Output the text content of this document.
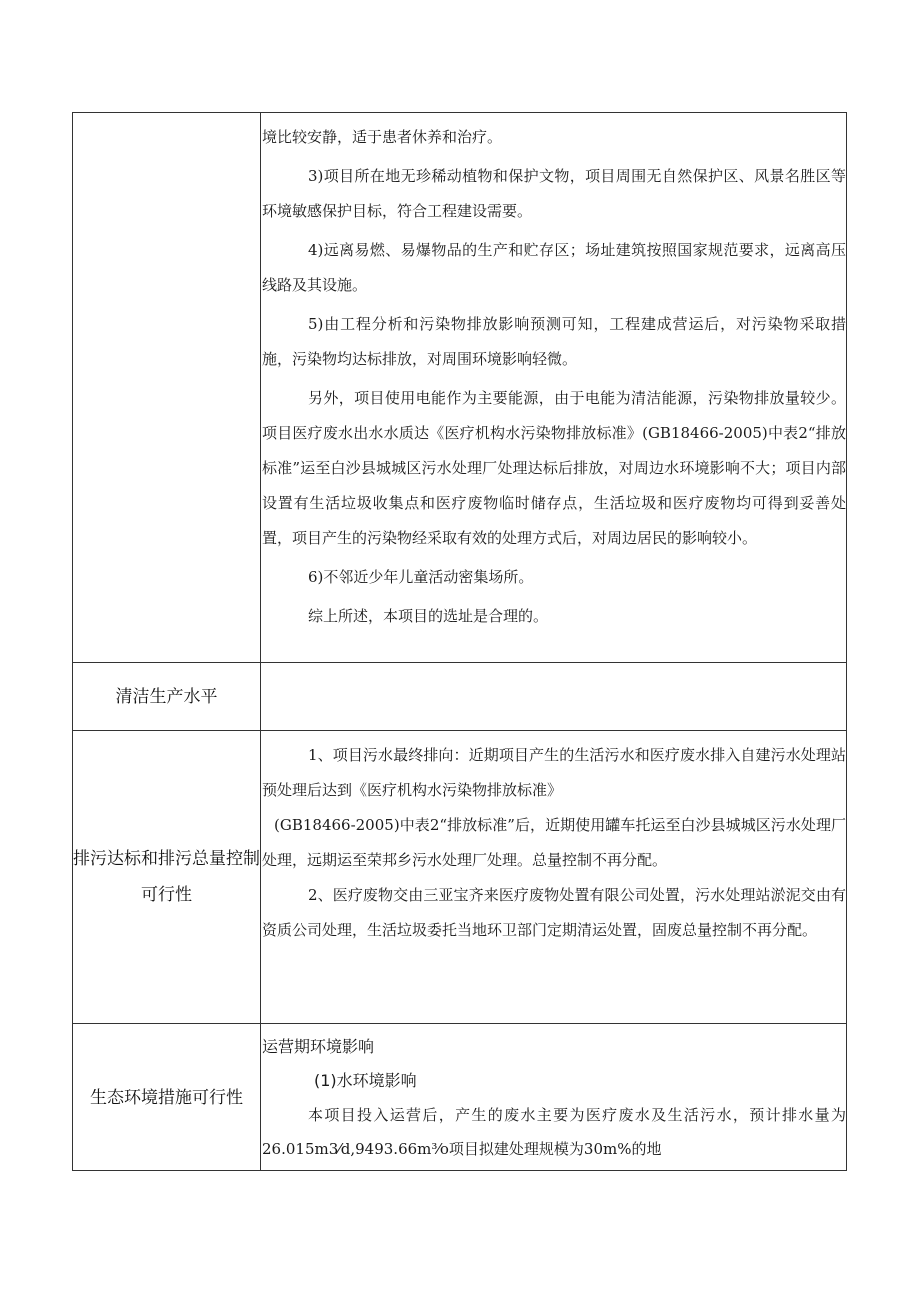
境比较安静，适于患者休养和治疗。

3)项目所在地无珍稀动植物和保护文物，项目周围无自然保护区、风景名胜区等环境敏感保护目标，符合工程建设需要。

4)远离易燃、易爆物品的生产和贮存区；场址建筑按照国家规范要求，远离高压线路及其设施。

5)由工程分析和污染物排放影响预测可知，工程建成营运后，对污染物采取措施，污染物均达标排放，对周围环境影响轻微。

另外，项目使用电能作为主要能源，由于电能为清洁能源，污染物排放量较少。项目医疗废水出水水质达《医疗机构水污染物排放标准》(GB18466-2005)中表2“排放标准”运至白沙县城城区污水处理厂处理达标后排放，对周边水环境影响不大；项目内部设置有生活垃圾收集点和医疗废物临时储存点，生活垃圾和医疗废物均可得到妥善处置，项目产生的污染物经采取有效的处理方式后，对周边居民的影响较小。

6)不邻近少年儿童活动密集场所。

综上所述，本项目的选址是合理的。

清洁生产水平
排污达标和排污总量控制可行性

1、项目污水最终排向：近期项目产生的生活污水和医疗废水排入自建污水处理站预处理后达到《医疗机构水污染物排放标准》

(GB18466-2005)中表2“排放标准”后，近期使用罐车托运至白沙县城城区污水处理厂处理，远期运至荣邦乡污水处理厂处理。总量控制不再分配。

2、医疗废物交由三亚宝齐来医疗废物处置有限公司处置，污水处理站淤泥交由有资质公司处理，生活垃圾委托当地环卫部门定期清运处置，固废总量控制不再分配。

生态环境措施可行性

运营期环境影响

(1)水环境影响

本项目投入运营后，产生的废水主要为医疗废水及生活污水，预计排水量为26.015m3⁄d,9493.66m³⁄o项目拟建处理规模为30m%的地
